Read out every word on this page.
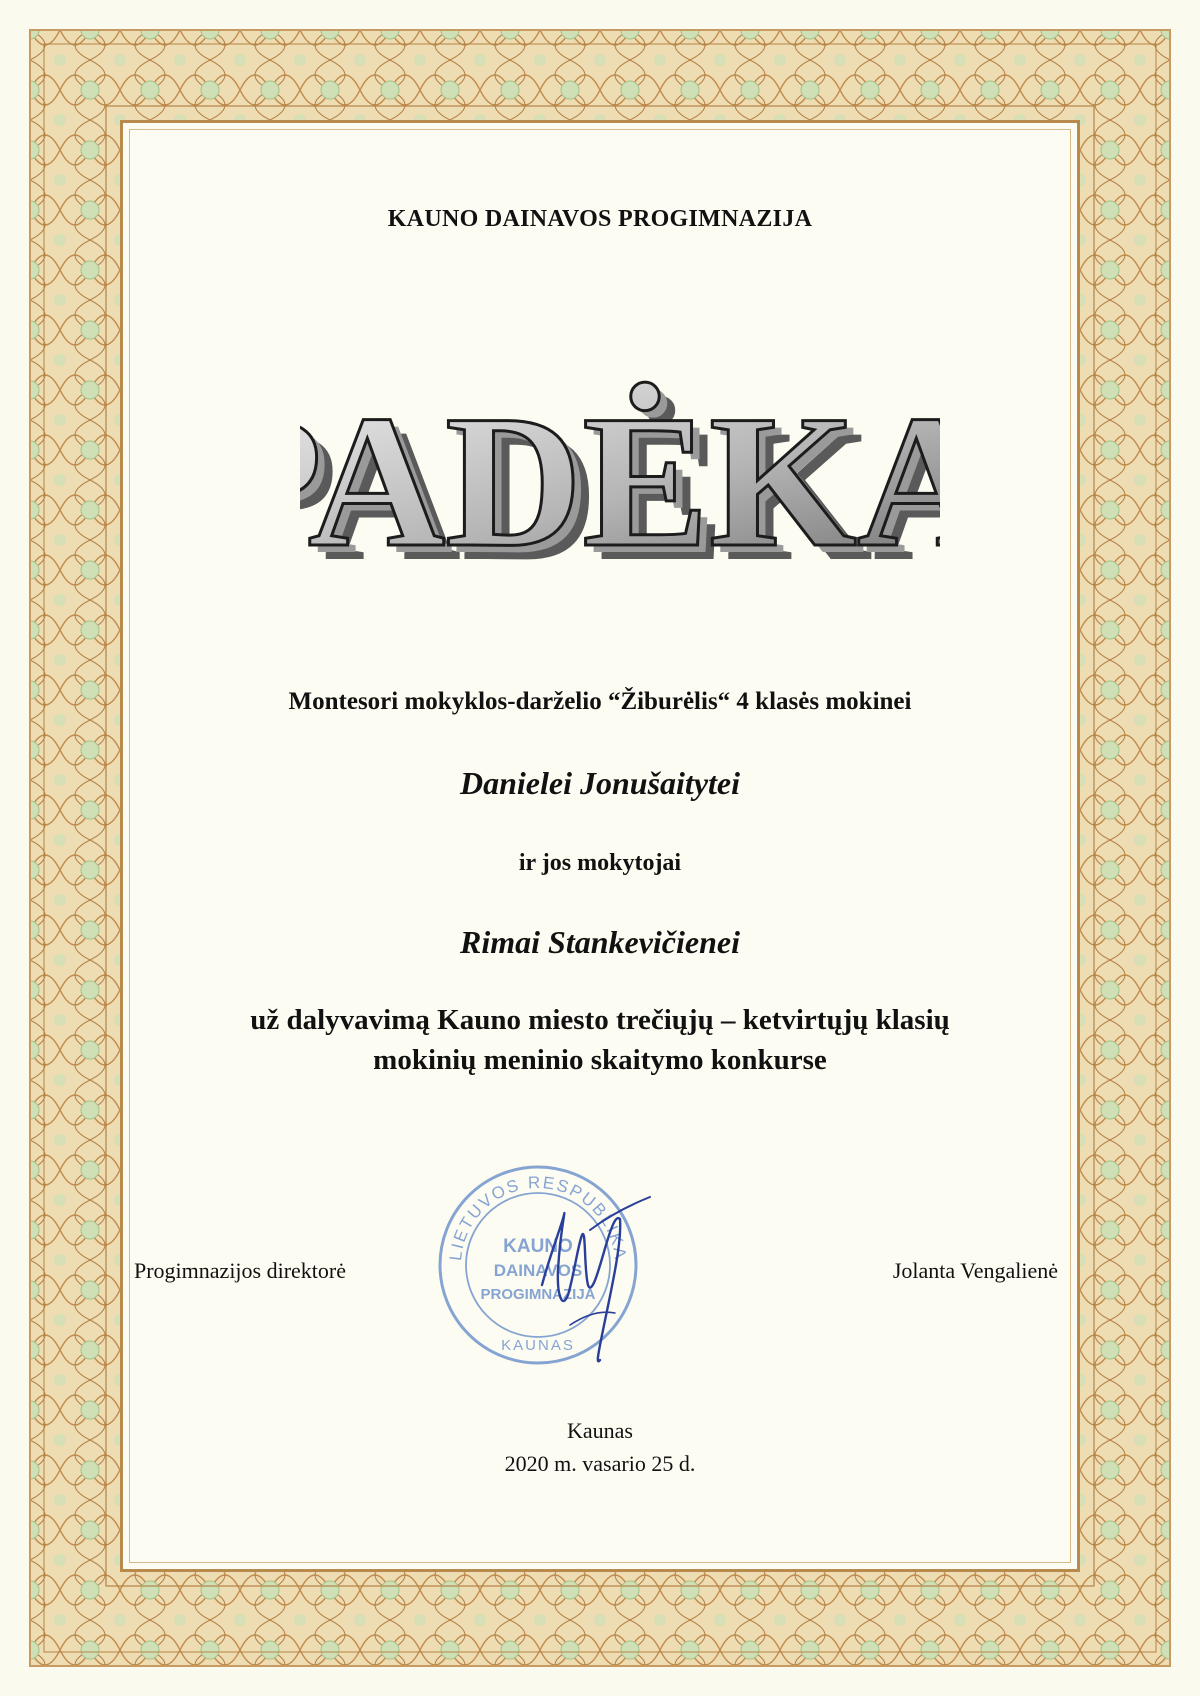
KAUNO DAINAVOS PROGIMNAZIJA
ADĖK
ADĖKA
ADĖKA
Montesori mokyklos-darželio “Žiburėlis“ 4 klasės mokinei
Danielei Jonušaitytei
ir jos mokytojai
Rimai Stankevičienei
už dalyvavimą Kauno miesto trečiųjų – ketvirtųjų klasių
mokinių meninio skaitymo konkurse
Progimnazijos direktorė	Jolanta Vengalienė
LIETUVOS RESPUBLIKA
KAUNO
DAINAVOS
PROGIMNAZIJA
KAUNAS
Kaunas
2020 m. vasario 25 d.
